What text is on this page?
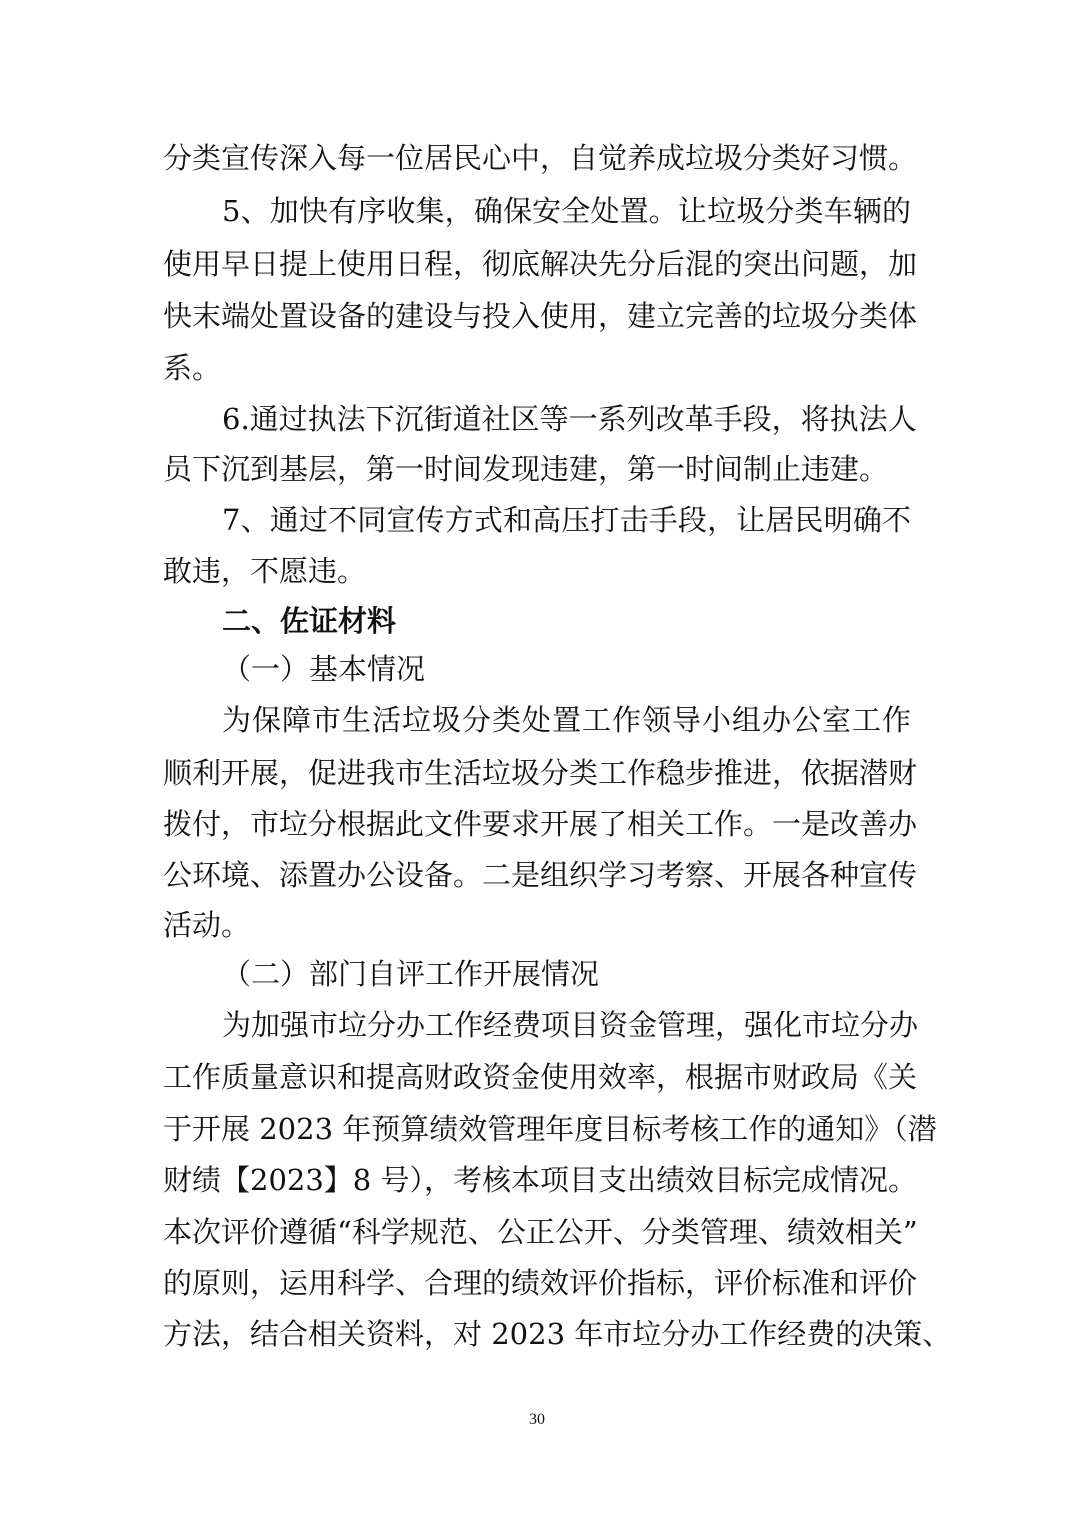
分类宣传深入每一位居民心中，自觉养成垃圾分类好习惯。
5、加快有序收集，确保安全处置。让垃圾分类车辆的
使用早日提上使用日程，彻底解决先分后混的突出问题，加
快末端处置设备的建设与投入使用，建立完善的垃圾分类体
系。
6.通过执法下沉街道社区等一系列改革手段，将执法人
员下沉到基层，第一时间发现违建，第一时间制止违建。
7、通过不同宣传方式和高压打击手段，让居民明确不
敢违，不愿违。
二、佐证材料
（一）基本情况
为保障市生活垃圾分类处置工作领导小组办公室工作
顺利开展，促进我市生活垃圾分类工作稳步推进，依据潜财
拨付，市垃分根据此文件要求开展了相关工作。一是改善办
公环境、添置办公设备。二是组织学习考察、开展各种宣传
活动。
（二）部门自评工作开展情况
为加强市垃分办工作经费项目资金管理，强化市垃分办
工作质量意识和提高财政资金使用效率，根据市财政局《关
于开展 2023 年预算绩效管理年度目标考核工作的通知》（潜
财绩【2023】8 号），考核本项目支出绩效目标完成情况。
本次评价遵循“科学规范、公正公开、分类管理、绩效相关”
的原则，运用科学、合理的绩效评价指标，评价标准和评价
方法，结合相关资料，对 2023 年市垃分办工作经费的决策、
30
